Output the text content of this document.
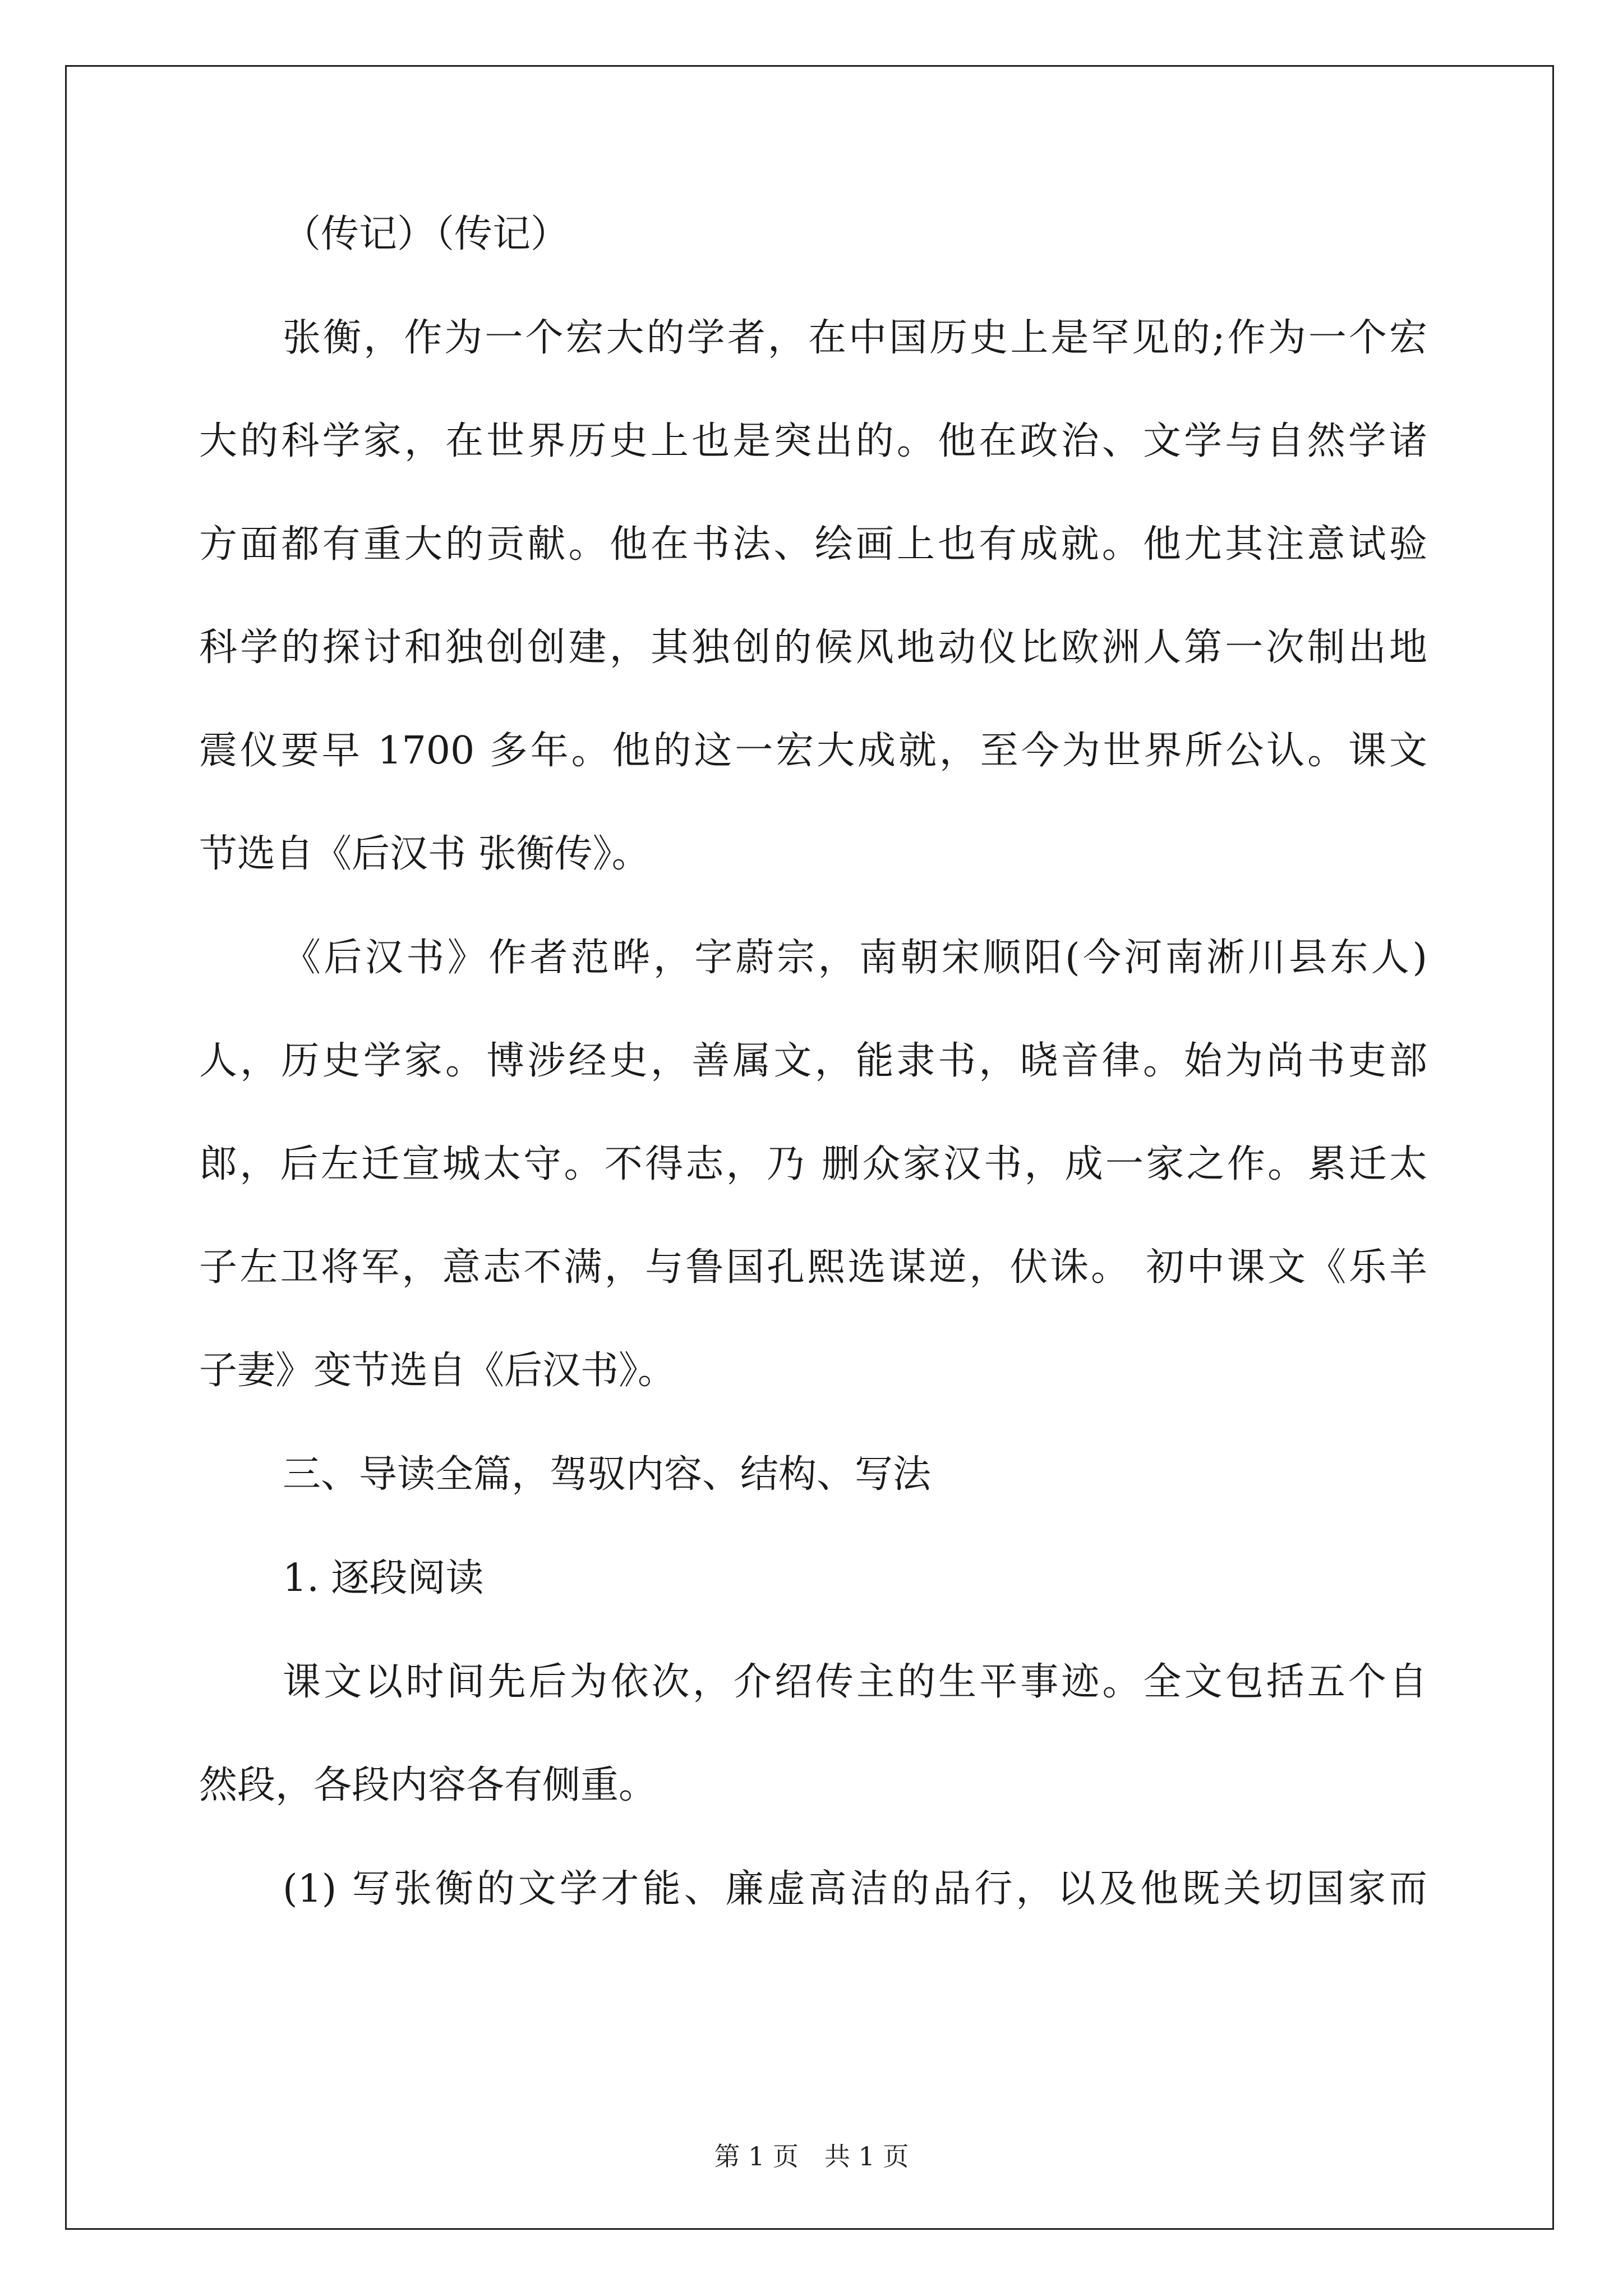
（传记）（传记）

张衡，作为一个宏大的学者，在中国历史上是罕见的;作为一个宏

大的科学家，在世界历史上也是突出的。他在政治、文学与自然学诸

方面都有重大的贡献。他在书法、绘画上也有成就。他尤其注意试验

科学的探讨和独创创建，其独创的候风地动仪比欧洲人第一次制出地

震仪要早 1700 多年。他的这一宏大成就，至今为世界所公认。课文

节选自《后汉书 张衡传》。

《后汉书》作者范晔，字蔚宗，南朝宋顺阳(今河南淅川县东人)

人，历史学家。博涉经史，善属文，能隶书，晓音律。始为尚书吏部

郎，后左迁宣城太守。不得志，乃 删众家汉书，成一家之作。累迁太

子左卫将军，意志不满，与鲁国孔熙选谋逆，伏诛。 初中课文《乐羊

子妻》变节选自《后汉书》。

三、导读全篇，驾驭内容、结构、写法

1. 逐段阅读

课文以时间先后为依次，介绍传主的生平事迹。全文包括五个自

然段，各段内容各有侧重。

(1) 写张衡的文学才能、廉虚高洁的品行，以及他既关切国家而

第 1 页　共 1 页
